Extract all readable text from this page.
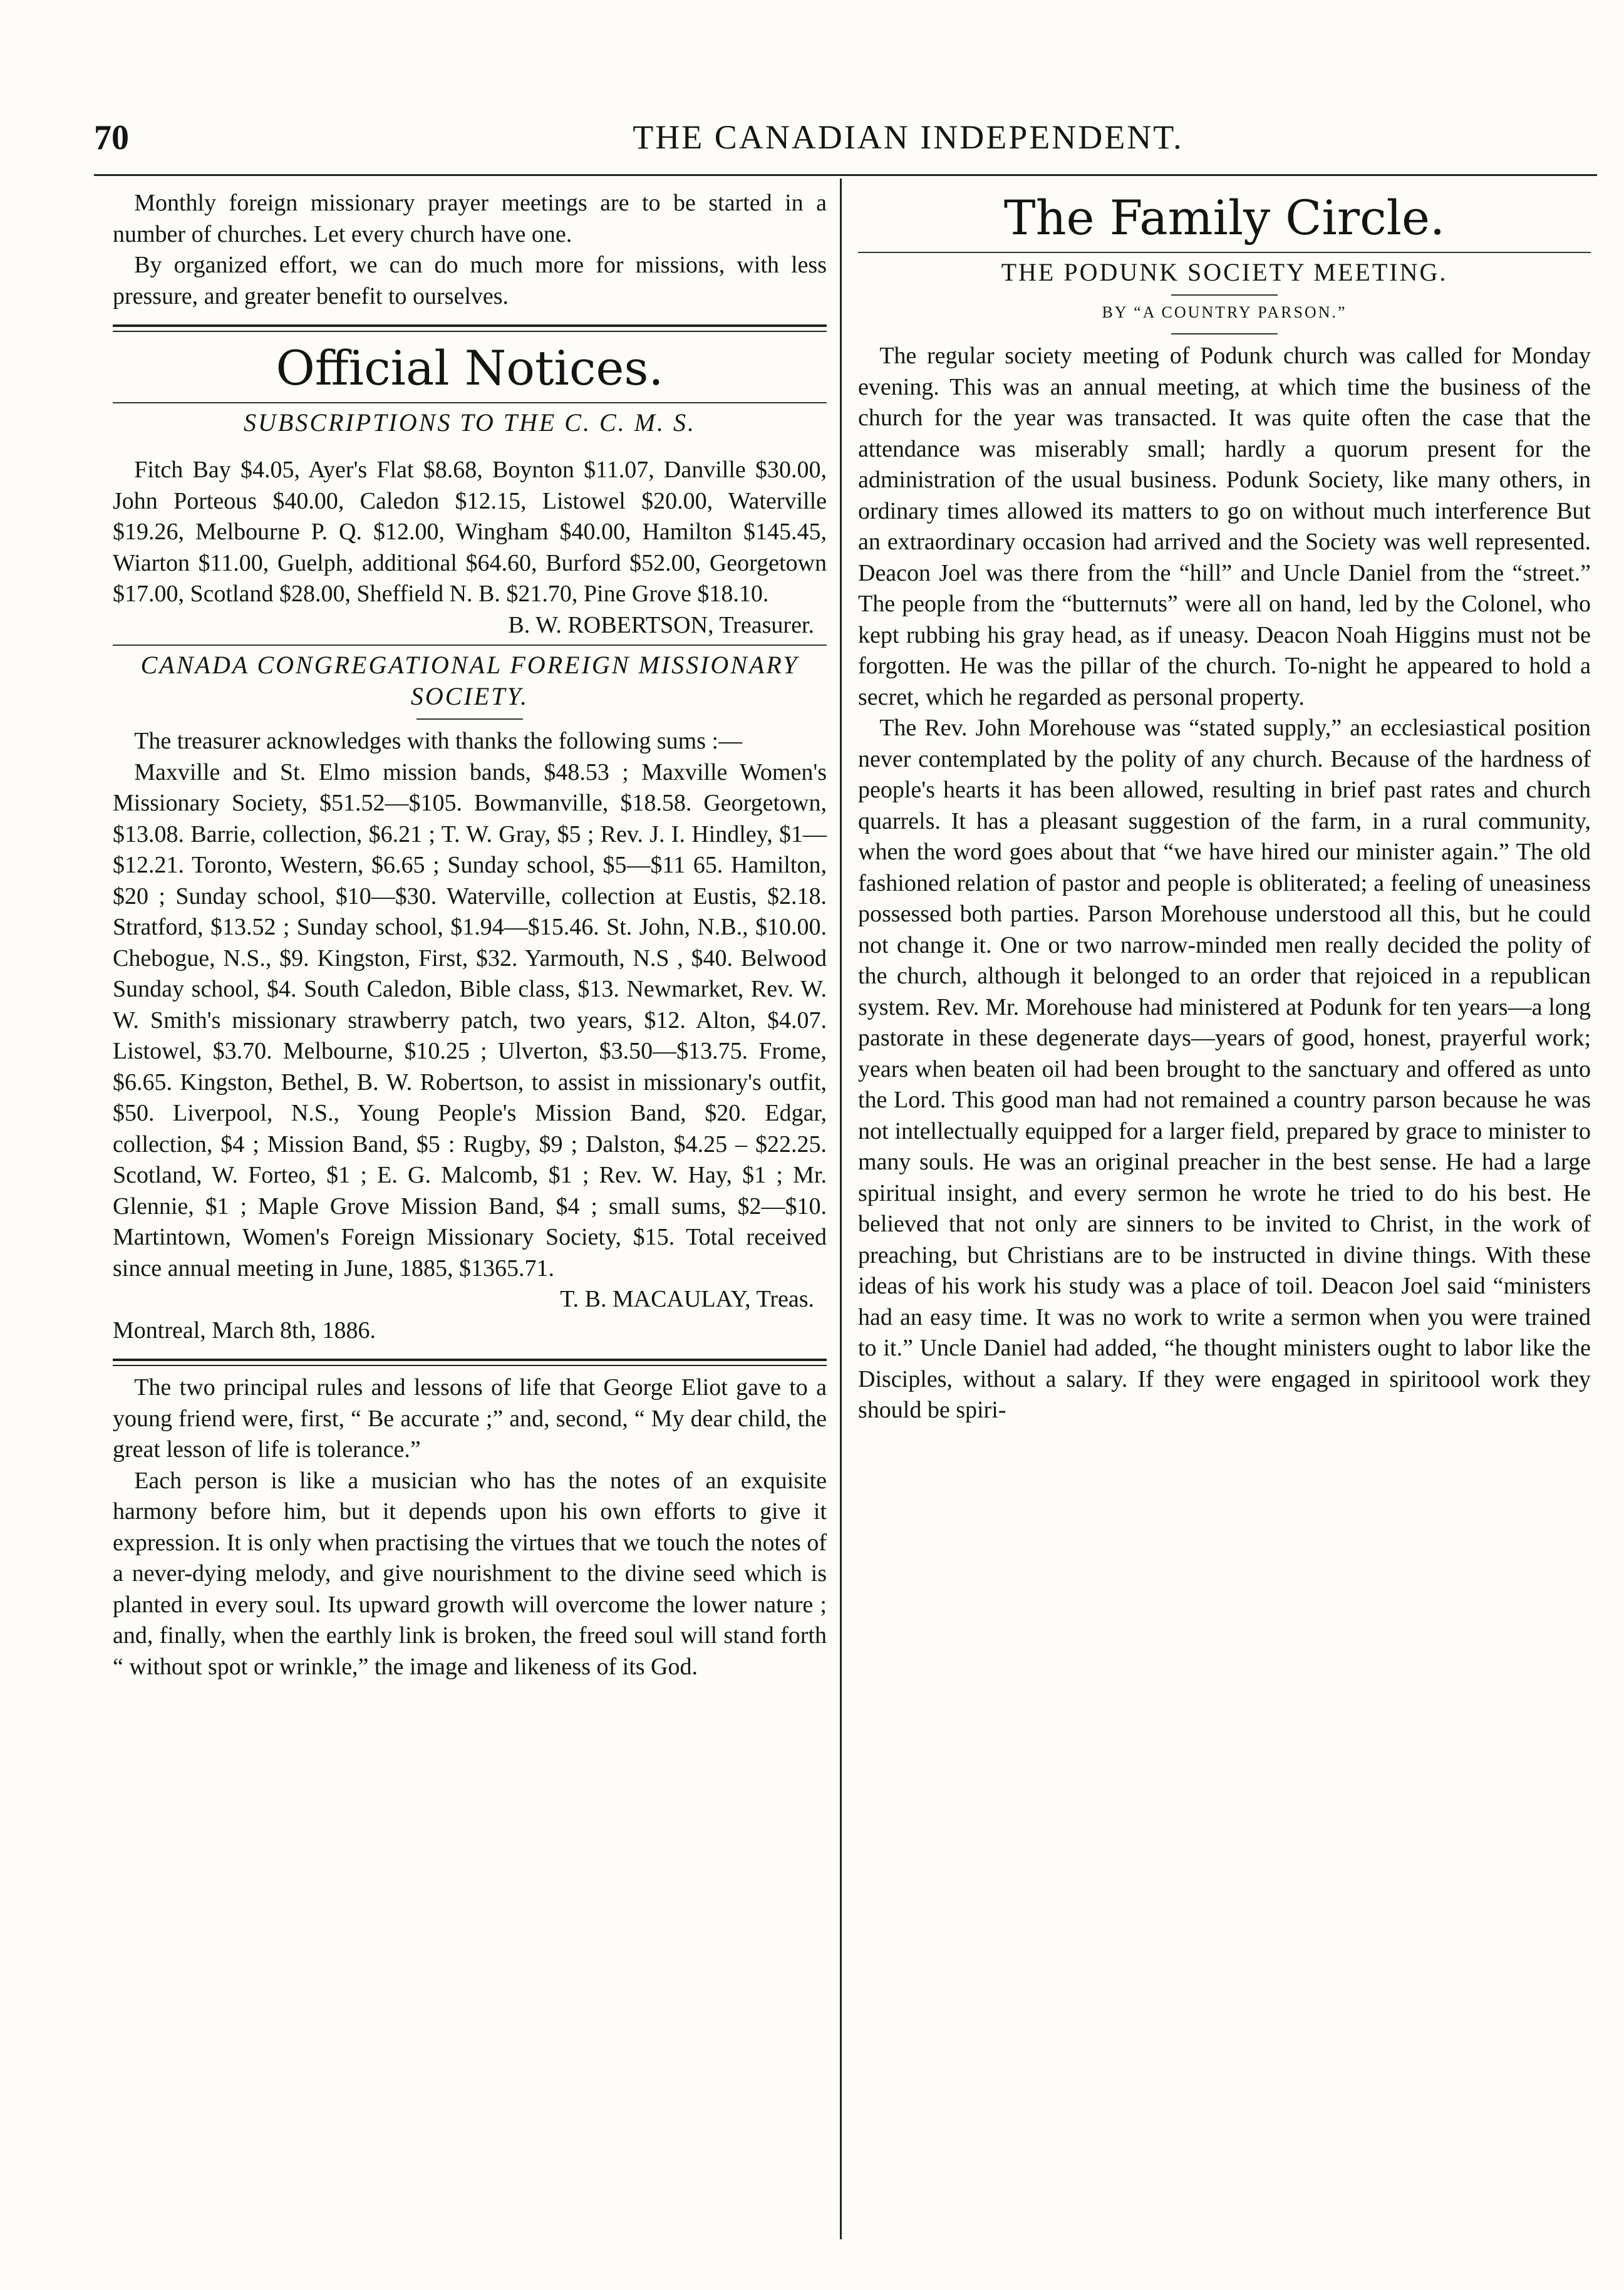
70	THE CANADIAN INDEPENDENT.

Monthly foreign missionary prayer meetings are to be started in a number of churches. Let every church have one.

By organized effort, we can do much more for missions, with less pressure, and greater benefit to ourselves.

Official Notices.
SUBSCRIPTIONS TO THE C. C. M. S.

Fitch Bay $4.05, Ayer's Flat $8.68, Boynton $11.07, Danville $30.00, John Porteous $40.00, Caledon $12.15, Listowel $20.00, Waterville $19.26, Melbourne P. Q. $12.00, Wingham $40.00, Hamilton $145.45, Wiarton $11.00, Guelph, additional $64.60, Burford $52.00, Georgetown $17.00, Scotland $28.00, Sheffield N. B. $21.70, Pine Grove $18.10.

B. W. ROBERTSON, Treasurer.

CANADA CONGREGATIONAL FOREIGN MISSIONARY SOCIETY.

The treasurer acknowledges with thanks the following sums :—

Maxville and St. Elmo mission bands, $48.53 ; Maxville Women's Missionary Society, $51.52—$105. Bowmanville, $18.58. Georgetown, $13.08. Barrie, collection, $6.21 ; T. W. Gray, $5 ; Rev. J. I. Hindley, $1—$12.21. Toronto, Western, $6.65 ; Sunday school, $5—$11 65. Hamilton, $20 ; Sunday school, $10—$30. Waterville, collection at Eustis, $2.18. Stratford, $13.52 ; Sunday school, $1.94—$15.46. St. John, N.B., $10.00. Chebogue, N.S., $9. Kingston, First, $32. Yarmouth, N.S , $40. Belwood Sunday school, $4. South Caledon, Bible class, $13. Newmarket, Rev. W. W. Smith's missionary strawberry patch, two years, $12. Alton, $4.07. Listowel, $3.70. Melbourne, $10.25 ; Ulverton, $3.50—$13.75. Frome, $6.65. Kingston, Bethel, B. W. Robertson, to assist in missionary's outfit, $50. Liverpool, N.S., Young People's Mission Band, $20. Edgar, collection, $4 ; Mission Band, $5 : Rugby, $9 ; Dalston, $4.25 – $22.25. Scotland, W. Forteo, $1 ; E. G. Malcomb, $1 ; Rev. W. Hay, $1 ; Mr. Glennie, $1 ; Maple Grove Mission Band, $4 ; small sums, $2—$10. Martintown, Women's Foreign Missionary Society, $15. Total received since annual meeting in June, 1885, $1365.71.

T. B. MACAULAY, Treas.

Montreal, March 8th, 1886.

The two principal rules and lessons of life that George Eliot gave to a young friend were, first, “ Be accurate ;” and, second, “ My dear child, the great lesson of life is tolerance.”

Each person is like a musician who has the notes of an exquisite harmony before him, but it depends upon his own efforts to give it expression. It is only when practising the virtues that we touch the notes of a never-dying melody, and give nourishment to the divine seed which is planted in every soul. Its upward growth will overcome the lower nature ; and, finally, when the earthly link is broken, the freed soul will stand forth “ without spot or wrinkle,” the image and likeness of its God.

The Family Circle.
THE PODUNK SOCIETY MEETING.
BY “A COUNTRY PARSON.”

The regular society meeting of Podunk church was called for Monday evening. This was an annual meeting, at which time the business of the church for the year was transacted. It was quite often the case that the attendance was miserably small; hardly a quorum present for the administration of the usual business. Podunk Society, like many others, in ordinary times allowed its matters to go on without much interference But an extraordinary occasion had arrived and the Society was well represented. Deacon Joel was there from the “hill” and Uncle Daniel from the “street.” The people from the “butternuts” were all on hand, led by the Colonel, who kept rubbing his gray head, as if uneasy. Deacon Noah Higgins must not be forgotten. He was the pillar of the church. To-night he appeared to hold a secret, which he regarded as personal property.

The Rev. John Morehouse was “stated supply,” an ecclesiastical position never contemplated by the polity of any church. Because of the hardness of people's hearts it has been allowed, resulting in brief past rates and church quarrels. It has a pleasant suggestion of the farm, in a rural community, when the word goes about that “we have hired our minister again.” The old fashioned relation of pastor and people is obliterated; a feeling of uneasiness possessed both parties. Parson Morehouse understood all this, but he could not change it. One or two narrow-minded men really decided the polity of the church, although it belonged to an order that rejoiced in a republican system. Rev. Mr. Morehouse had ministered at Podunk for ten years—a long pastorate in these degenerate days—years of good, honest, prayerful work; years when beaten oil had been brought to the sanctuary and offered as unto the Lord. This good man had not remained a country parson because he was not intellectually equipped for a larger field, prepared by grace to minister to many souls. He was an original preacher in the best sense. He had a large spiritual insight, and every sermon he wrote he tried to do his best. He believed that not only are sinners to be invited to Christ, in the work of preaching, but Christians are to be instructed in divine things. With these ideas of his work his study was a place of toil. Deacon Joel said “ministers had an easy time. It was no work to write a sermon when you were trained to it.” Uncle Daniel had added, “he thought ministers ought to labor like the Disciples, without a salary. If they were engaged in spiritoool work they should be spiri-
